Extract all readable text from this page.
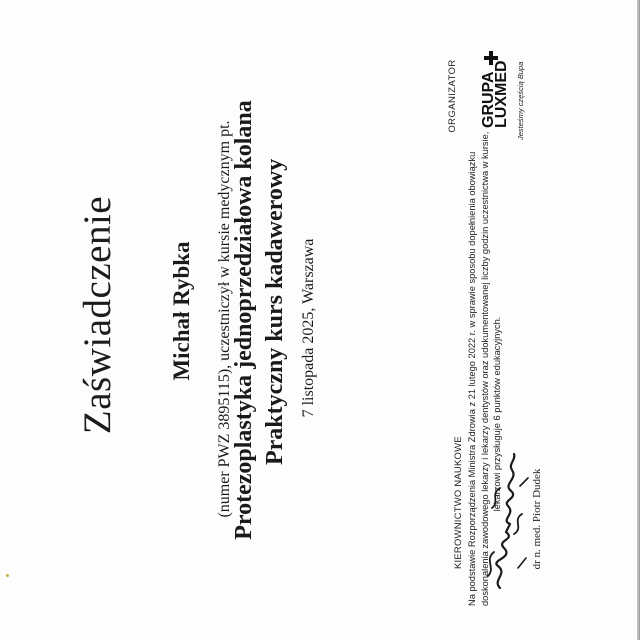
Zaświadczenie Michał Rybka (numer PWZ 3895115), uczestniczył w kursie medycznym pt.
Protezoplastyka jednoprzedziałowa kolana Praktyczny kurs kadawerowy 7 listopada 2025, Warszawa	Na podstawie Rozporządzenia Ministra Zdrowia z 21 lutego 2022 r. w sprawie sposobu dopełnienia obowiązku doskonalenia zawodowego lekarzy i lekarzy dentystów oraz udokumentowanej liczby godzin uczestnictwa w kursie, lekarzowi przysługuje 6 punktów edukacyjnych.
KIEROWNICTWO NAUKOWE	dr n. med. Piotr Dudek
ORGANIZATOR GRUPA
LUXMED Jesteśmy częścią Bupa
